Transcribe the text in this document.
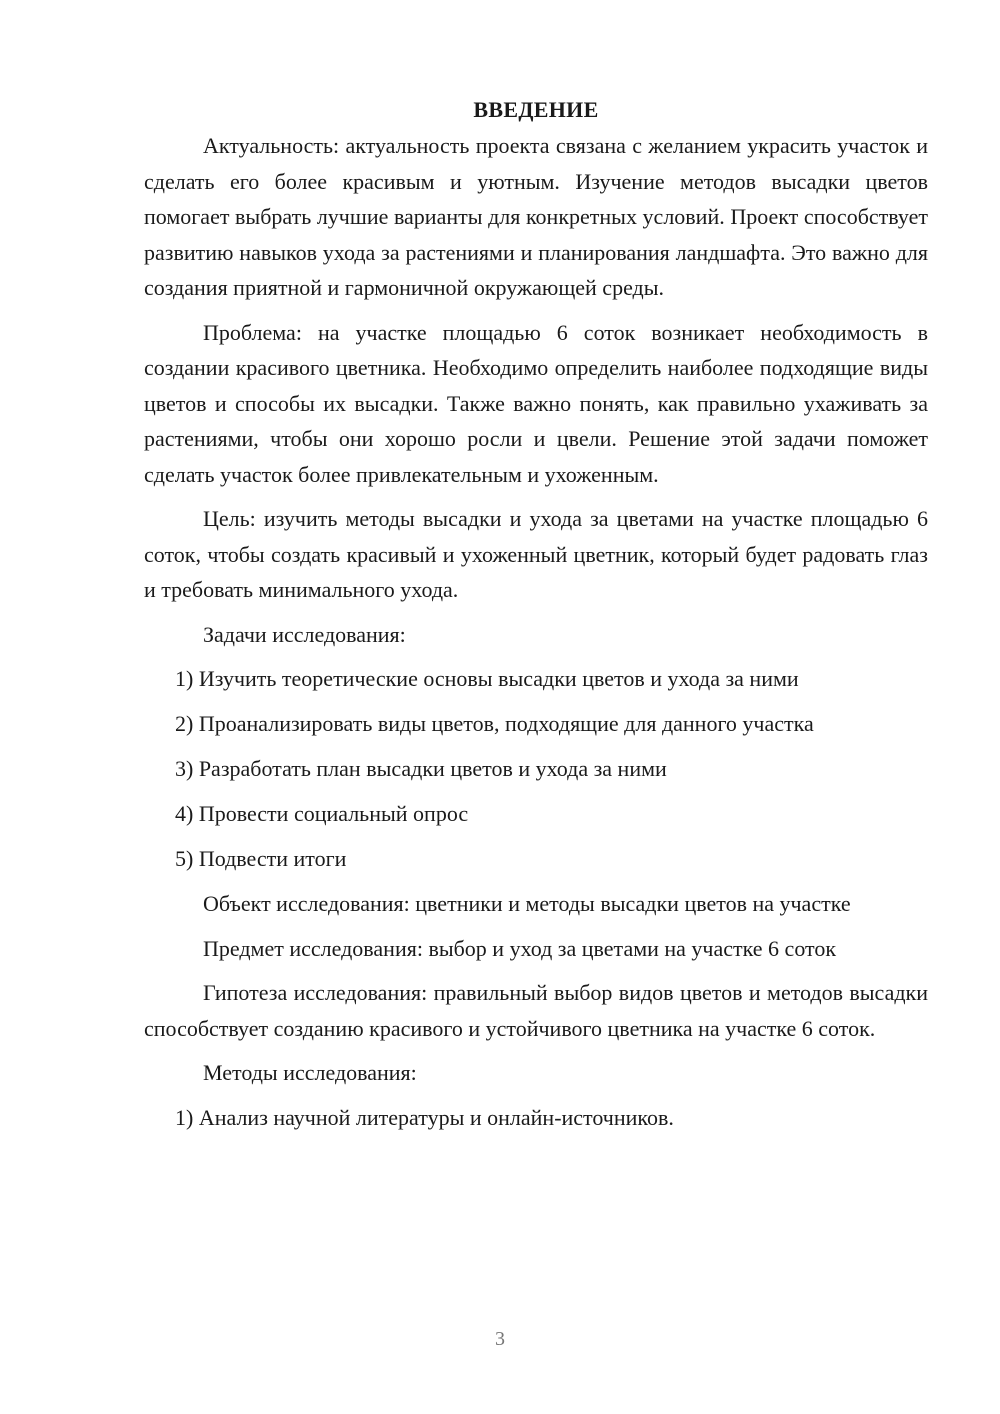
ВВЕДЕНИЕ

Актуальность: актуальность проекта связана с желанием украсить участок и сделать его более красивым и уютным. Изучение методов высадки цветов помогает выбрать лучшие варианты для конкретных условий. Проект способствует развитию навыков ухода за растениями и планирования ландшафта. Это важно для создания приятной и гармоничной окружающей среды.

Проблема: на участке площадью 6 соток возникает необходимость в создании красивого цветника. Необходимо определить наиболее подходящие виды цветов и способы их высадки. Также важно понять, как правильно ухаживать за растениями, чтобы они хорошо росли и цвели. Решение этой задачи поможет сделать участок более привлекательным и ухоженным.

Цель: изучить методы высадки и ухода за цветами на участке площадью 6 соток, чтобы создать красивый и ухоженный цветник, который будет радовать глаз и требовать минимального ухода.

Задачи исследования:

1) Изучить теоретические основы высадки цветов и ухода за ними
2) Проанализировать виды цветов, подходящие для данного участка
3) Разработать план высадки цветов и ухода за ними
4) Провести социальный опрос
5) Подвести итоги

Объект исследования: цветники и методы высадки цветов на участке

Предмет исследования: выбор и уход за цветами на участке 6 соток

Гипотеза исследования: правильный выбор видов цветов и методов высадки способствует созданию красивого и устойчивого цветника на участке 6 соток.

Методы исследования:

1) Анализ научной литературы и онлайн-источников.
3
